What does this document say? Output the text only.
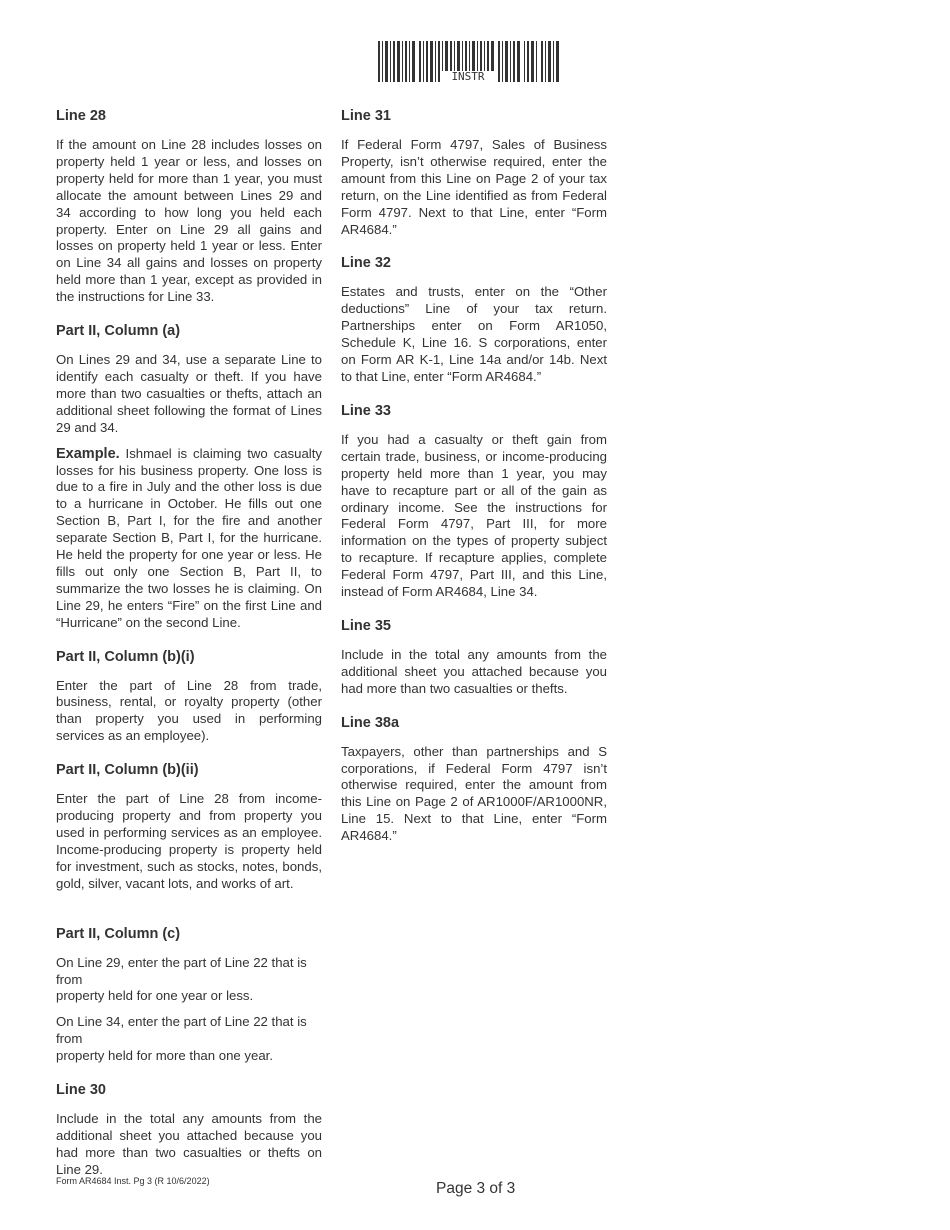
INSTR
Line 28

If the amount on Line 28 includes losses on property held 1 year or less, and losses on property held for more than 1 year, you must allocate the amount between Lines 29 and 34 according to how long you held each property. Enter on Line 29 all gains and losses on property held 1 year or less. Enter on Line 34 all gains and losses on property held more than 1 year, except as provided in the instructions for Line 33.

Part II, Column (a)

On Lines 29 and 34, use a separate Line to identify each casualty or theft. If you have more than two casualties or thefts, attach an additional sheet following the format of Lines 29 and 34.

Example. Ishmael is claiming two casualty losses for his business property. One loss is due to a fire in July and the other loss is due to a hurricane in October. He fills out one Section B, Part I, for the fire and another separate Section B, Part I, for the hurricane. He held the property for one year or less. He fills out only one Section B, Part II, to summarize the two losses he is claiming. On Line 29, he enters “Fire” on the first Line and “Hurricane” on the second Line.

Part II, Column (b)(i)

Enter the part of Line 28 from trade, business, rental, or royalty property (other than property you used in performing services as an employee).

Part II, Column (b)(ii)

Enter the part of Line 28 from income-producing property and from property you used in performing services as an employee. Income-producing property is property held for investment, such as stocks, notes, bonds, gold, silver, vacant lots, and works of art.

Part II, Column (c)

On Line 29, enter the part of Line 22 that is from
property held for one year or less.

On Line 34, enter the part of Line 22 that is from
property held for more than one year.

Line 30

Include in the total any amounts from the additional sheet you attached because you had more than two casualties or thefts on Line 29.

Line 31

If Federal Form 4797, Sales of Business Property, isn’t otherwise required, enter the amount from this Line on Page 2 of your tax return, on the Line identified as from Federal Form 4797. Next to that Line, enter “Form AR4684.”

Line 32

Estates and trusts, enter on the “Other deductions” Line of your tax return. Partnerships enter on Form AR1050, Schedule K, Line 16. S corporations, enter on Form AR K-1, Line 14a and/or 14b. Next to that Line, enter “Form AR4684.”

Line 33

If you had a casualty or theft gain from certain trade, business, or income-producing property held more than 1 year, you may have to recapture part or all of the gain as ordinary income. See the instructions for Federal Form 4797, Part III, for more information on the types of property subject to recapture. If recapture applies, complete Federal Form 4797, Part III, and this Line, instead of Form AR4684, Line 34.

Line 35

Include in the total any amounts from the additional sheet you attached because you had more than two casualties or thefts.

Line 38a

Taxpayers, other than partnerships and S corporations, if Federal Form 4797 isn’t otherwise required, enter the amount from this Line on Page 2 of AR1000F/AR1000NR, Line 15. Next to that Line, enter “Form AR4684.”

Form AR4684 Inst. Pg 3 (R 10/6/2022)	Page 3 of 3
